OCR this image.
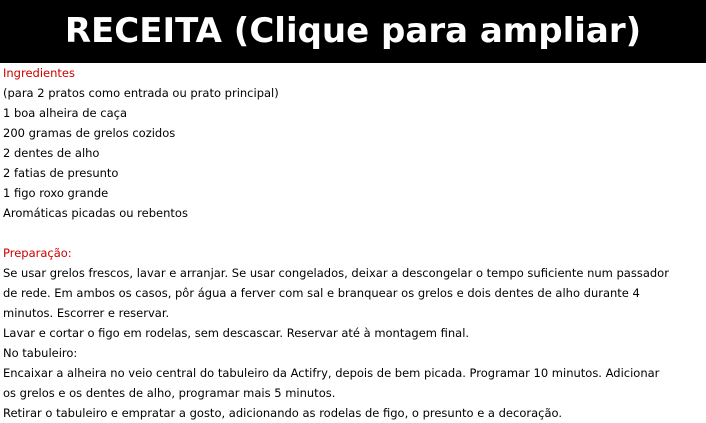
RECEITA (Clique para ampliar)
Ingredientes
(para 2 pratos como entrada ou prato principal)
1 boa alheira de caça
200 gramas de grelos cozidos
2 dentes de alho
2 fatias de presunto
1 figo roxo grande
Aromáticas picadas ou rebentos
Preparação:
Se usar grelos frescos, lavar e arranjar. Se usar congelados, deixar a descongelar o tempo suficiente num passador
de rede. Em ambos os casos, pôr água a ferver com sal e branquear os grelos e dois dentes de alho durante 4
minutos. Escorrer e reservar.
Lavar e cortar o figo em rodelas, sem descascar. Reservar até à montagem final.
No tabuleiro:
Encaixar a alheira no veio central do tabuleiro da Actifry, depois de bem picada. Programar 10 minutos. Adicionar
os grelos e os dentes de alho, programar mais 5 minutos.
Retirar o tabuleiro e empratar a gosto, adicionando as rodelas de figo, o presunto e a decoração.
